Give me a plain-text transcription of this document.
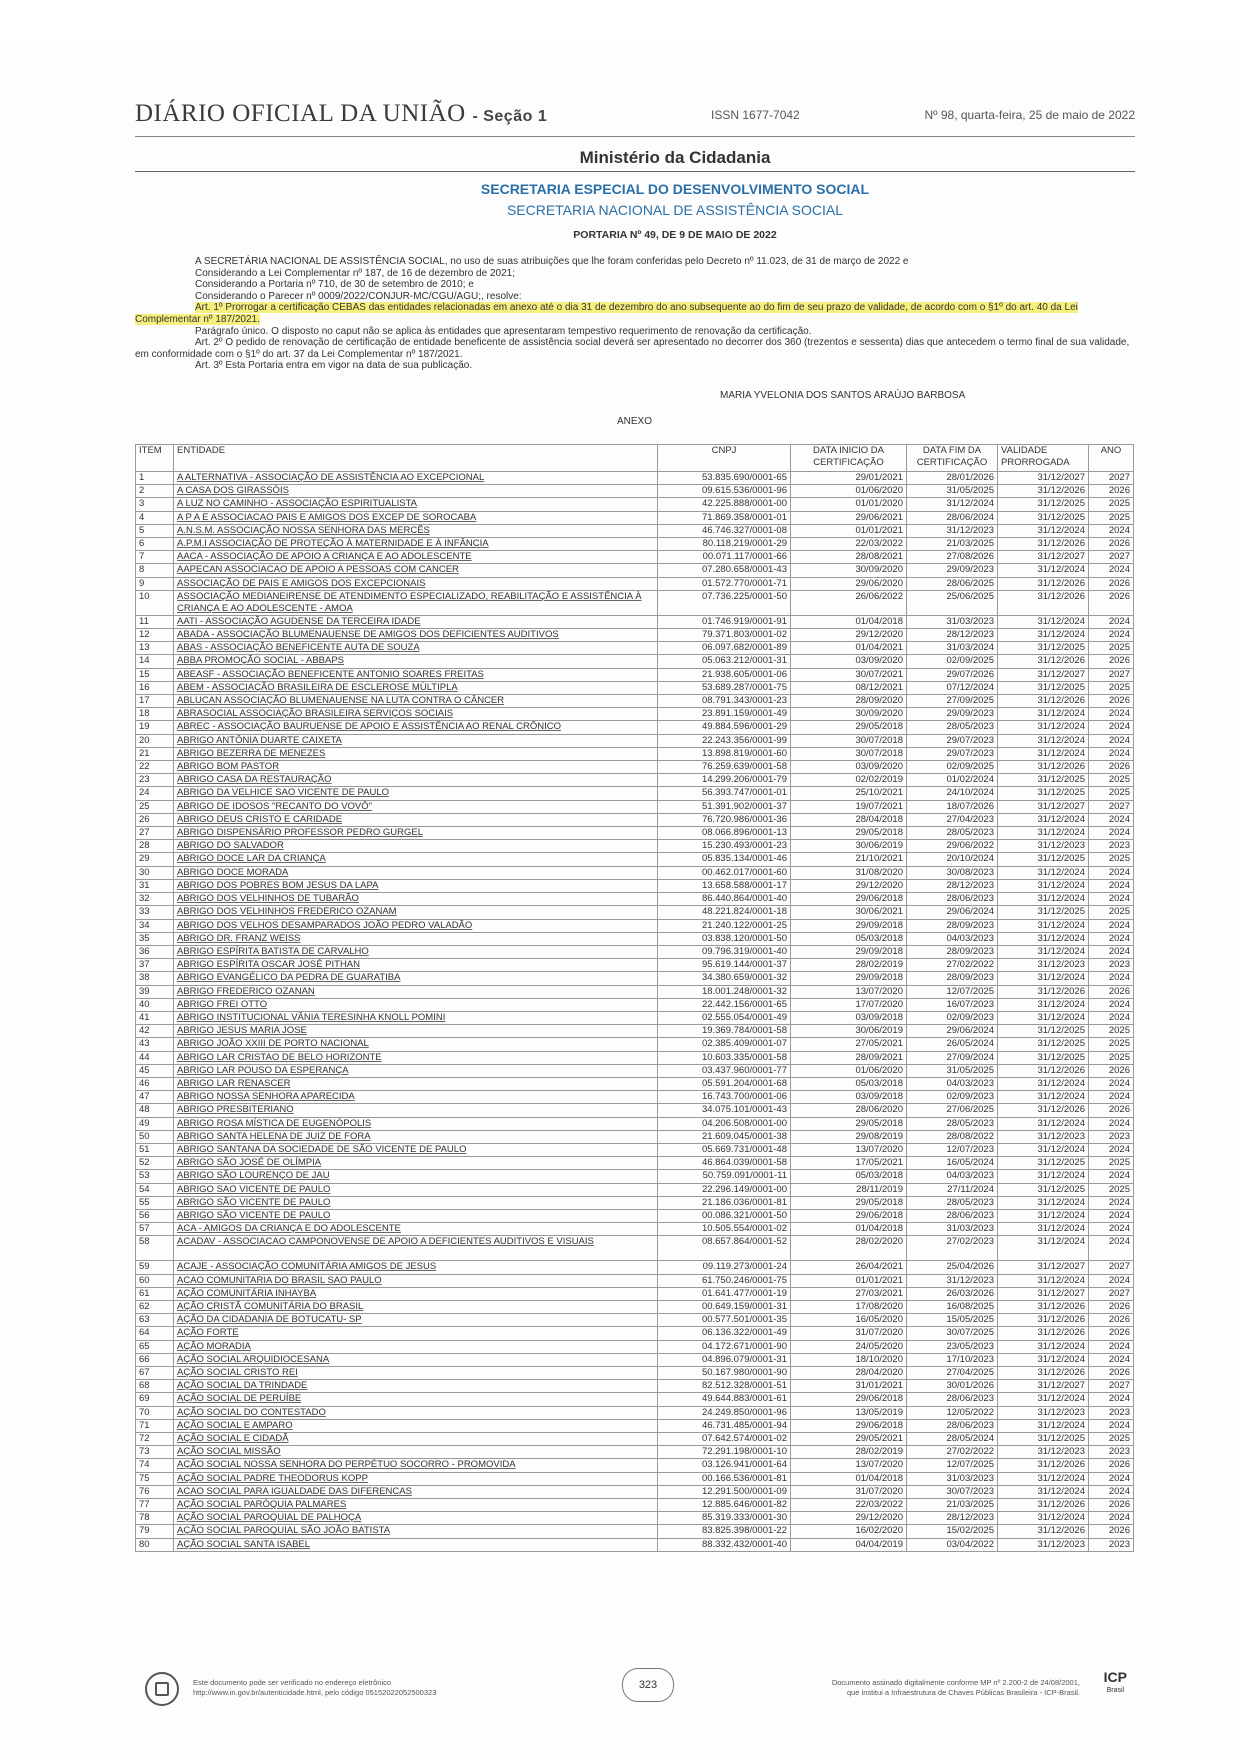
DIÁRIO OFICIAL DA UNIÃO - Seção 1	ISSN 1677-7042	Nº 98, quarta-feira, 25 de maio de 2022
Ministério da Cidadania
SECRETARIA ESPECIAL DO DESENVOLVIMENTO SOCIAL
SECRETARIA NACIONAL DE ASSISTÊNCIA SOCIAL
PORTARIA Nº 49, DE 9 DE MAIO DE 2022

A SECRETÁRIA NACIONAL DE ASSISTÊNCIA SOCIAL, no uso de suas atribuições que lhe foram conferidas pelo Decreto nº 11.023, de 31 de março de 2022 e

Considerando a Lei Complementar nº 187, de 16 de dezembro de 2021;

Considerando a Portaria nº 710, de 30 de setembro de 2010; e

Considerando o Parecer nº 0009/2022/CONJUR-MC/CGU/AGU;, resolve:

Art. 1º Prorrogar a certificação CEBAS das entidades relacionadas em anexo até o dia 31 de dezembro do ano subsequente ao do fim de seu prazo de validade, de acordo com o §1º do art. 40 da Lei Complementar nº 187/2021.

Parágrafo único. O disposto no caput não se aplica às entidades que apresentaram tempestivo requerimento de renovação da certificação.

Art. 2º O pedido de renovação de certificação de entidade beneficente de assistência social deverá ser apresentado no decorrer dos 360 (trezentos e sessenta) dias que antecedem o termo final de sua validade, em conformidade com o §1º do art. 37 da Lei Complementar nº 187/2021.

Art. 3º Esta Portaria entra em vigor na data de sua publicação.

MARIA YVELONIA DOS SANTOS ARAÚJO BARBOSA
ANEXO
ITEM	ENTIDADE	CNPJ	DATA INICIO DA CERTIFICAÇÃO	DATA FIM DA CERTIFICAÇÃO	VALIDADE PRORROGADA	ANO
1	A ALTERNATIVA - ASSOCIAÇÃO DE ASSISTÊNCIA AO EXCEPCIONAL	53.835.690/0001-65	29/01/2021	28/01/2026	31/12/2027	2027
2	A CASA DOS GIRASSÓIS	09.615.536/0001-96	01/06/2020	31/05/2025	31/12/2026	2026
3	A LUZ NO CAMINHO - ASSOCIAÇÃO ESPIRITUALISTA	42.225.888/0001-00	01/01/2020	31/12/2024	31/12/2025	2025
4	A P A E ASSOCIACAO PAIS E AMIGOS DOS EXCEP DE SOROCABA	71.869.358/0001-01	29/06/2021	28/06/2024	31/12/2025	2025
5	A.N.S.M. ASSOCIAÇÃO NOSSA SENHORA DAS MERCÊS	46.746.327/0001-08	01/01/2021	31/12/2023	31/12/2024	2024
6	A.P.M.I ASSOCIAÇÃO DE PROTEÇÃO À MATERNIDADE E À INFÂNCIA	80.118.219/0001-29	22/03/2022	21/03/2025	31/12/2026	2026
7	AACA - ASSOCIAÇÃO DE APOIO A CRIANÇA E AO ADOLESCENTE	00.071.117/0001-66	28/08/2021	27/08/2026	31/12/2027	2027
8	AAPECAN ASSOCIACAO DE APOIO A PESSOAS COM CANCER	07.280.658/0001-43	30/09/2020	29/09/2023	31/12/2024	2024
9	ASSOCIAÇÃO DE PAIS E AMIGOS DOS EXCEPCIONAIS	01.572.770/0001-71	29/06/2020	28/06/2025	31/12/2026	2026
10	ASSOCIAÇÃO MEDIANEIRENSE DE ATENDIMENTO ESPECIALIZADO, REABILITAÇÃO E ASSISTÊNCIA À CRIANÇA E AO ADOLESCENTE - AMOA	07.736.225/0001-50	26/06/2022	25/06/2025	31/12/2026	2026
11	AATI - ASSOCIAÇÃO AGUDENSE DA TERCEIRA IDADE	01.746.919/0001-91	01/04/2018	31/03/2023	31/12/2024	2024
12	ABADA - ASSOCIAÇÃO BLUMENAUENSE DE AMIGOS DOS DEFICIENTES AUDITIVOS	79.371.803/0001-02	29/12/2020	28/12/2023	31/12/2024	2024
13	ABAS - ASSOCIAÇÃO BENEFICENTE AUTA DE SOUZA	06.097.682/0001-89	01/04/2021	31/03/2024	31/12/2025	2025
14	ABBA PROMOÇÃO SOCIAL - ABBAPS	05.063.212/0001-31	03/09/2020	02/09/2025	31/12/2026	2026
15	ABEASF - ASSOCIAÇÃO BENEFICENTE ANTONIO SOARES FREITAS	21.938.605/0001-06	30/07/2021	29/07/2026	31/12/2027	2027
16	ABEM - ASSOCIAÇÃO BRASILEIRA DE ESCLEROSE MÚLTIPLA	53.689.287/0001-75	08/12/2021	07/12/2024	31/12/2025	2025
17	ABLUCAN ASSOCIAÇÃO BLUMENAUENSE NA LUTA CONTRA O CÂNCER	08.791.343/0001-23	28/09/2020	27/09/2025	31/12/2026	2026
18	ABRASOCIAL ASSOCIAÇÃO BRASILEIRA SERVIÇOS SOCIAIS	23.891.159/0001-49	30/09/2020	29/09/2023	31/12/2024	2024
19	ABREC - ASSOCIAÇÃO BAURUENSE DE APOIO E ASSISTÊNCIA AO RENAL CRÔNICO	49.884.596/0001-29	29/05/2018	28/05/2023	31/12/2024	2024
20	ABRIGO ANTÔNIA DUARTE CAIXETA	22.243.356/0001-99	30/07/2018	29/07/2023	31/12/2024	2024
21	ABRIGO BEZERRA DE MENEZES	13.898.819/0001-60	30/07/2018	29/07/2023	31/12/2024	2024
22	ABRIGO BOM PASTOR	76.259.639/0001-58	03/09/2020	02/09/2025	31/12/2026	2026
23	ABRIGO CASA DA RESTAURAÇÃO	14.299.206/0001-79	02/02/2019	01/02/2024	31/12/2025	2025
24	ABRIGO DA VELHICE SAO VICENTE DE PAULO	56.393.747/0001-01	25/10/2021	24/10/2024	31/12/2025	2025
25	ABRIGO DE IDOSOS "RECANTO DO VOVÔ"	51.391.902/0001-37	19/07/2021	18/07/2026	31/12/2027	2027
26	ABRIGO DEUS CRISTO E CARIDADE	76.720.986/0001-36	28/04/2018	27/04/2023	31/12/2024	2024
27	ABRIGO DISPENSÁRIO PROFESSOR PEDRO GURGEL	08.066.896/0001-13	29/05/2018	28/05/2023	31/12/2024	2024
28	ABRIGO DO SALVADOR	15.230.493/0001-23	30/06/2019	29/06/2022	31/12/2023	2023
29	ABRIGO DOCE LAR DA CRIANÇA	05.835.134/0001-46	21/10/2021	20/10/2024	31/12/2025	2025
30	ABRIGO DOCE MORADA	00.462.017/0001-60	31/08/2020	30/08/2023	31/12/2024	2024
31	ABRIGO DOS POBRES BOM JESUS DA LAPA	13.658.588/0001-17	29/12/2020	28/12/2023	31/12/2024	2024
32	ABRIGO DOS VELHINHOS DE TUBARÃO	86.440.864/0001-40	29/06/2018	28/06/2023	31/12/2024	2024
33	ABRIGO DOS VELHINHOS FREDERICO OZANAM	48.221.824/0001-18	30/06/2021	29/06/2024	31/12/2025	2025
34	ABRIGO DOS VELHOS DESAMPARADOS JOÃO PEDRO VALADÃO	21.240.122/0001-25	29/09/2018	28/09/2023	31/12/2024	2024
35	ABRIGO DR. FRANZ WEISS	03.838.120/0001-50	05/03/2018	04/03/2023	31/12/2024	2024
36	ABRIGO ESPÍRITA BATISTA DE CARVALHO	09.796.319/0001-40	29/09/2018	28/09/2023	31/12/2024	2024
37	ABRIGO ESPÍRITA OSCAR JOSÉ PITHAN	95.619.144/0001-37	28/02/2019	27/02/2022	31/12/2023	2023
38	ABRIGO EVANGÉLICO DA PEDRA DE GUARATIBA	34.380.659/0001-32	29/09/2018	28/09/2023	31/12/2024	2024
39	ABRIGO FREDERICO OZANAN	18.001.248/0001-32	13/07/2020	12/07/2025	31/12/2026	2026
40	ABRIGO FREI OTTO	22.442.156/0001-65	17/07/2020	16/07/2023	31/12/2024	2024
41	ABRIGO INSTITUCIONAL VÂNIA TERESINHA KNOLL POMINI	02.555.054/0001-49	03/09/2018	02/09/2023	31/12/2024	2024
42	ABRIGO JESUS MARIA JOSE	19.369.784/0001-58	30/06/2019	29/06/2024	31/12/2025	2025
43	ABRIGO JOÃO XXIII DE PORTO NACIONAL	02.385.409/0001-07	27/05/2021	26/05/2024	31/12/2025	2025
44	ABRIGO LAR CRISTAO DE BELO HORIZONTE	10.603.335/0001-58	28/09/2021	27/09/2024	31/12/2025	2025
45	ABRIGO LAR POUSO DA ESPERANÇA	03.437.960/0001-77	01/06/2020	31/05/2025	31/12/2026	2026
46	ABRIGO LAR RENASCER	05.591.204/0001-68	05/03/2018	04/03/2023	31/12/2024	2024
47	ABRIGO NOSSA SENHORA APARECIDA	16.743.700/0001-06	03/09/2018	02/09/2023	31/12/2024	2024
48	ABRIGO PRESBITERIANO	34.075.101/0001-43	28/06/2020	27/06/2025	31/12/2026	2026
49	ABRIGO ROSA MÍSTICA DE EUGENÓPOLIS	04.206.508/0001-00	29/05/2018	28/05/2023	31/12/2024	2024
50	ABRIGO SANTA HELENA DE JUIZ DE FORA	21.609.045/0001-38	29/08/2019	28/08/2022	31/12/2023	2023
51	ABRIGO SANTANA DA SOCIEDADE DE SÃO VICENTE DE PAULO	05.669.731/0001-48	13/07/2020	12/07/2023	31/12/2024	2024
52	ABRIGO SÃO JOSÉ DE OLÍMPIA	46.864.039/0001-58	17/05/2021	16/05/2024	31/12/2025	2025
53	ABRIGO SÃO LOURENÇO DE JAU	50.759.091/0001-11	05/03/2018	04/03/2023	31/12/2024	2024
54	ABRIGO SAO VICENTE DE PAULO	22.296.149/0001-00	28/11/2019	27/11/2024	31/12/2025	2025
55	ABRIGO SÃO VICENTE DE PAULO	21.186.036/0001-81	29/05/2018	28/05/2023	31/12/2024	2024
56	ABRIGO SÃO VICENTE DE PAULO	00.086.321/0001-50	29/06/2018	28/06/2023	31/12/2024	2024
57	ACA - AMIGOS DA CRIANÇA E DO ADOLESCENTE	10.505.554/0001-02	01/04/2018	31/03/2023	31/12/2024	2024
58	ACADAV - ASSOCIACAO CAMPONOVENSE DE APOIO A DEFICIENTES AUDITIVOS E VISUAIS	08.657.864/0001-52	28/02/2020	27/02/2023	31/12/2024	2024
59	ACAJE - ASSOCIAÇÃO COMUNITÁRIA AMIGOS DE JESUS	09.119.273/0001-24	26/04/2021	25/04/2026	31/12/2027	2027
60	ACAO COMUNITARIA DO BRASIL SAO PAULO	61.750.246/0001-75	01/01/2021	31/12/2023	31/12/2024	2024
61	AÇÃO COMUNITÁRIA INHAYBA	01.641.477/0001-19	27/03/2021	26/03/2026	31/12/2027	2027
62	AÇÃO CRISTÃ COMUNITÁRIA DO BRASIL	00.649.159/0001-31	17/08/2020	16/08/2025	31/12/2026	2026
63	AÇÃO DA CIDADANIA DE BOTUCATU- SP	00.577.501/0001-35	16/05/2020	15/05/2025	31/12/2026	2026
64	AÇÃO FORTE	06.136.322/0001-49	31/07/2020	30/07/2025	31/12/2026	2026
65	AÇÃO MORADIA	04.172.671/0001-90	24/05/2020	23/05/2023	31/12/2024	2024
66	AÇÃO SOCIAL ARQUIDIOCESANA	04.896.079/0001-31	18/10/2020	17/10/2023	31/12/2024	2024
67	AÇÃO SOCIAL CRISTO REI	50.167.980/0001-90	28/04/2020	27/04/2025	31/12/2026	2026
68	AÇÃO SOCIAL DA TRINDADE	82.512.328/0001-51	31/01/2021	30/01/2026	31/12/2027	2027
69	AÇÃO SOCIAL DE PERUÍBE	49.644.883/0001-61	29/06/2018	28/06/2023	31/12/2024	2024
70	AÇÃO SOCIAL DO CONTESTADO	24.249.850/0001-96	13/05/2019	12/05/2022	31/12/2023	2023
71	AÇÃO SOCIAL E AMPARO	46.731.485/0001-94	29/06/2018	28/06/2023	31/12/2024	2024
72	AÇÃO SOCIAL E CIDADÃ	07.642.574/0001-02	29/05/2021	28/05/2024	31/12/2025	2025
73	AÇÃO SOCIAL MISSÃO	72.291.198/0001-10	28/02/2019	27/02/2022	31/12/2023	2023
74	AÇÃO SOCIAL NOSSA SENHORA DO PERPÉTUO SOCORRO - PROMOVIDA	03.126.941/0001-64	13/07/2020	12/07/2025	31/12/2026	2026
75	AÇÃO SOCIAL PADRE THEODORUS KOPP	00.166.536/0001-81	01/04/2018	31/03/2023	31/12/2024	2024
76	ACAO SOCIAL PARA IGUALDADE DAS DIFERENCAS	12.291.500/0001-09	31/07/2020	30/07/2023	31/12/2024	2024
77	AÇÃO SOCIAL PARÓQUIA PALMARES	12.885.646/0001-82	22/03/2022	21/03/2025	31/12/2026	2026
78	AÇÃO SOCIAL PAROQUIAL DE PALHOÇA	85.319.333/0001-30	29/12/2020	28/12/2023	31/12/2024	2024
79	AÇÃO SOCIAL PAROQUIAL SÃO JOÃO BATISTA	83.825.398/0001-22	16/02/2020	15/02/2025	31/12/2026	2026
80	AÇÃO SOCIAL SANTA ISABEL	88.332.432/0001-40	04/04/2019	03/04/2022	31/12/2023	2023
Este documento pode ser verificado no endereço eletrônico
http://www.in.gov.br/autenticidade.html, pelo código 05152022052500323
323	Documento assinado digitalmente conforme MP nº 2.200-2 de 24/08/2001,
que institui a Infraestrutura de Chaves Públicas Brasileira - ICP-Brasil.
ICP
Brasil
